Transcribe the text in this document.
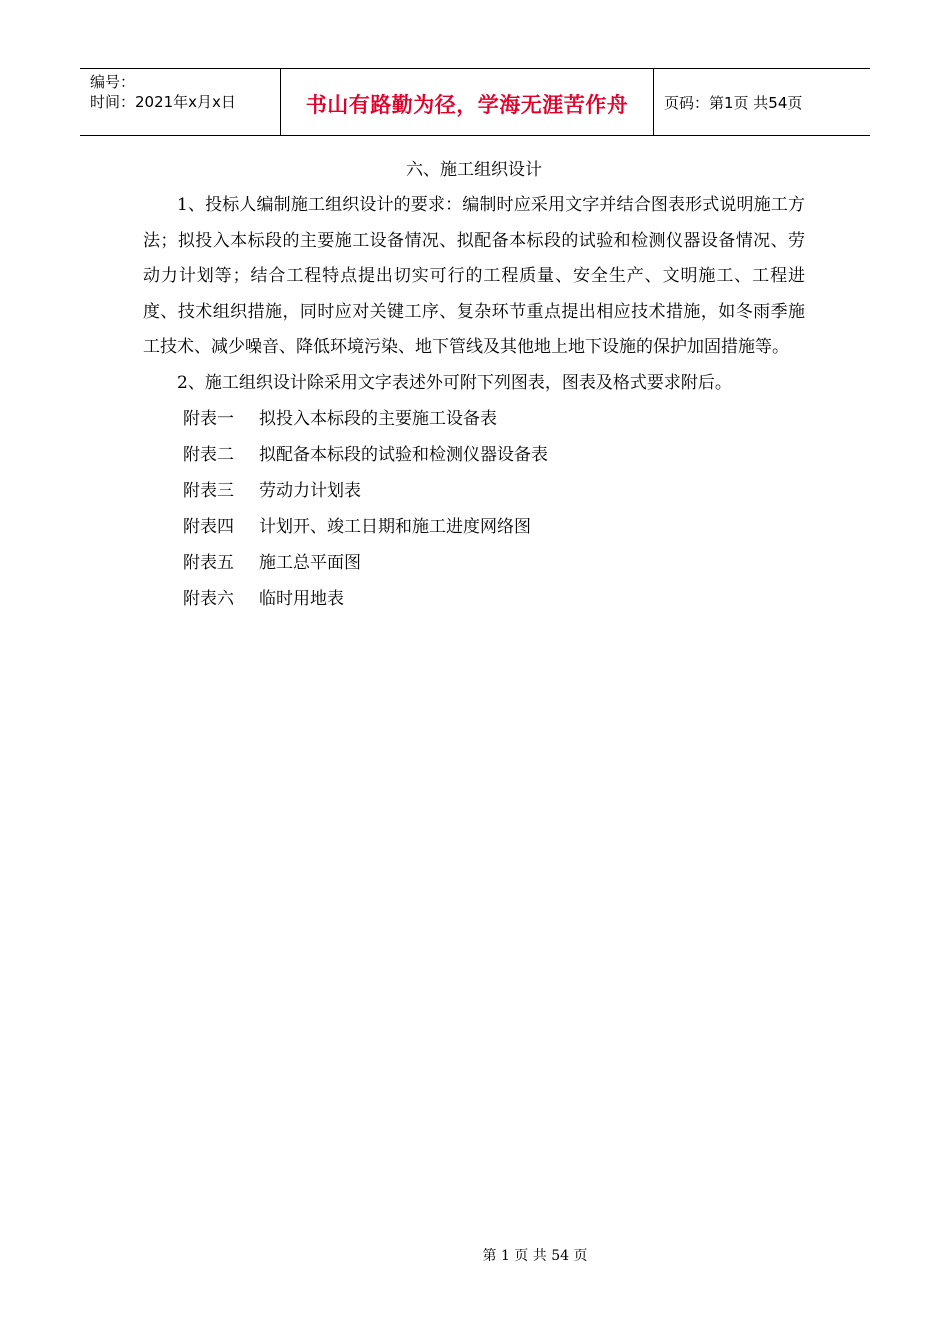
编号：
时间：2021年x月x日	书山有路勤为径，学海无涯苦作舟 页码：第1页 共54页

六、施工组织设计

1、投标人编制施工组织设计的要求：编制时应采用文字并结合图表形式说明施工方法；拟投入本标段的主要施工设备情况、拟配备本标段的试验和检测仪器设备情况、劳动力计划等；结合工程特点提出切实可行的工程质量、安全生产、文明施工、工程进度、技术组织措施，同时应对关键工序、复杂环节重点提出相应技术措施，如冬雨季施工技术、减少噪音、降低环境污染、地下管线及其他地上地下设施的保护加固措施等。

2、施工组织设计除采用文字表述外可附下列图表，图表及格式要求附后。

附表一 拟投入本标段的主要施工设备表

附表二 拟配备本标段的试验和检测仪器设备表

附表三 劳动力计划表

附表四 计划开、竣工日期和施工进度网络图

附表五 施工总平面图

附表六 临时用地表

第 1 页 共 54 页
